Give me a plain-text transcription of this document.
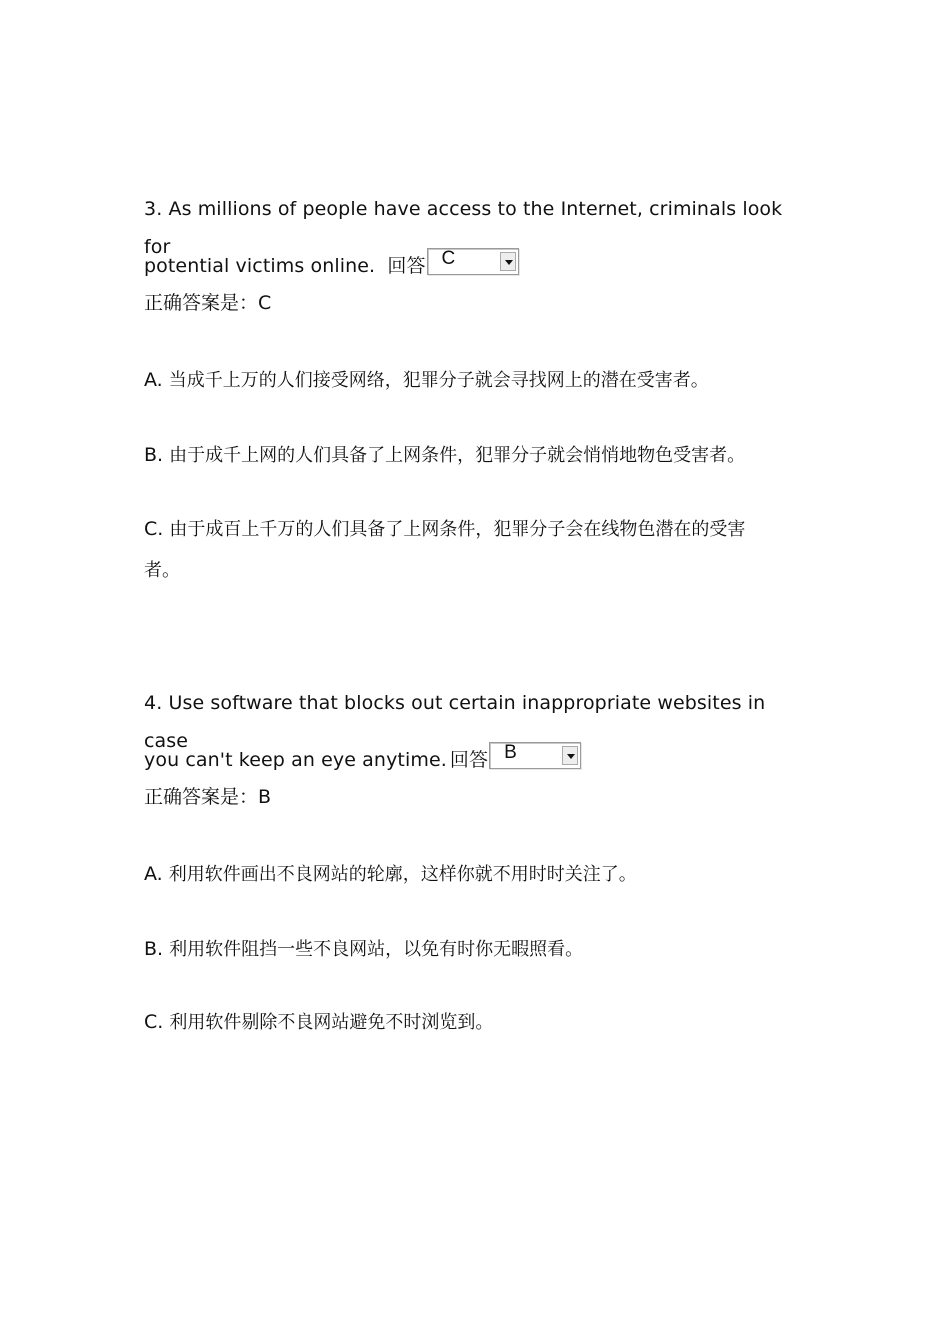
3. As millions of people have access to the Internet, criminals look for
potential victims online. 回答 C
正确答案是：C
A. 当成千上万的人们接受网络，犯罪分子就会寻找网上的潜在受害者。
B. 由于成千上网的人们具备了上网条件，犯罪分子就会悄悄地物色受害者。
C. 由于成百上千万的人们具备了上网条件，犯罪分子会在线物色潜在的受害
者。
4. Use software that blocks out certain inappropriate websites in case
you can't keep an eye anytime. 回答 B
正确答案是：B
A. 利用软件画出不良网站的轮廓，这样你就不用时时关注了。
B. 利用软件阻挡一些不良网站，以免有时你无暇照看。
C. 利用软件剔除不良网站避免不时浏览到。
